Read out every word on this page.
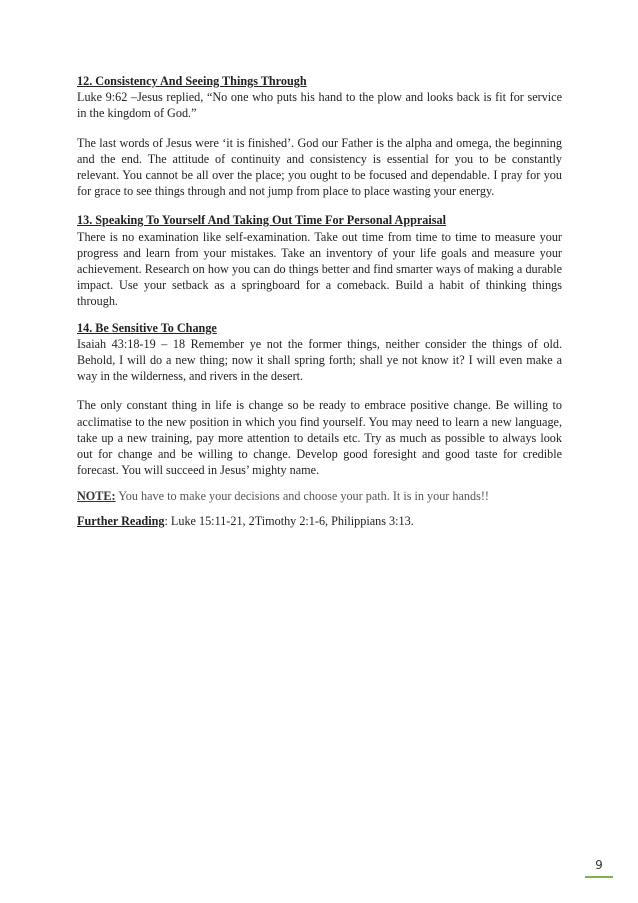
12. Consistency And Seeing Things Through

Luke 9:62 –Jesus replied, “No one who puts his hand to the plow and looks back is fit for service in the kingdom of God.”

The last words of Jesus were ‘it is finished’. God our Father is the alpha and omega, the beginning and the end. The attitude of continuity and consistency is essential for you to be constantly relevant. You cannot be all over the place; you ought to be focused and dependable. I pray for you for grace to see things through and not jump from place to place wasting your energy.

13. Speaking To Yourself And Taking Out Time For Personal Appraisal

There is no examination like self-examination. Take out time from time to time to measure your progress and learn from your mistakes. Take an inventory of your life goals and measure your achievement. Research on how you can do things better and find smarter ways of making a durable impact. Use your setback as a springboard for a comeback. Build a habit of thinking things through.

14. Be Sensitive To Change

Isaiah 43:18-19 – 18 Remember ye not the former things, neither consider the things of old. Behold, I will do a new thing; now it shall spring forth; shall ye not know it? I will even make a way in the wilderness, and rivers in the desert.

The only constant thing in life is change so be ready to embrace positive change. Be willing to acclimatise to the new position in which you find yourself. You may need to learn a new language, take up a new training, pay more attention to details etc. Try as much as possible to always look out for change and be willing to change. Develop good foresight and good taste for credible forecast. You will succeed in Jesus’ mighty name.

NOTE: You have to make your decisions and choose your path. It is in your hands!!

Further Reading: Luke 15:11-21, 2Timothy 2:1-6, Philippians 3:13.

9
